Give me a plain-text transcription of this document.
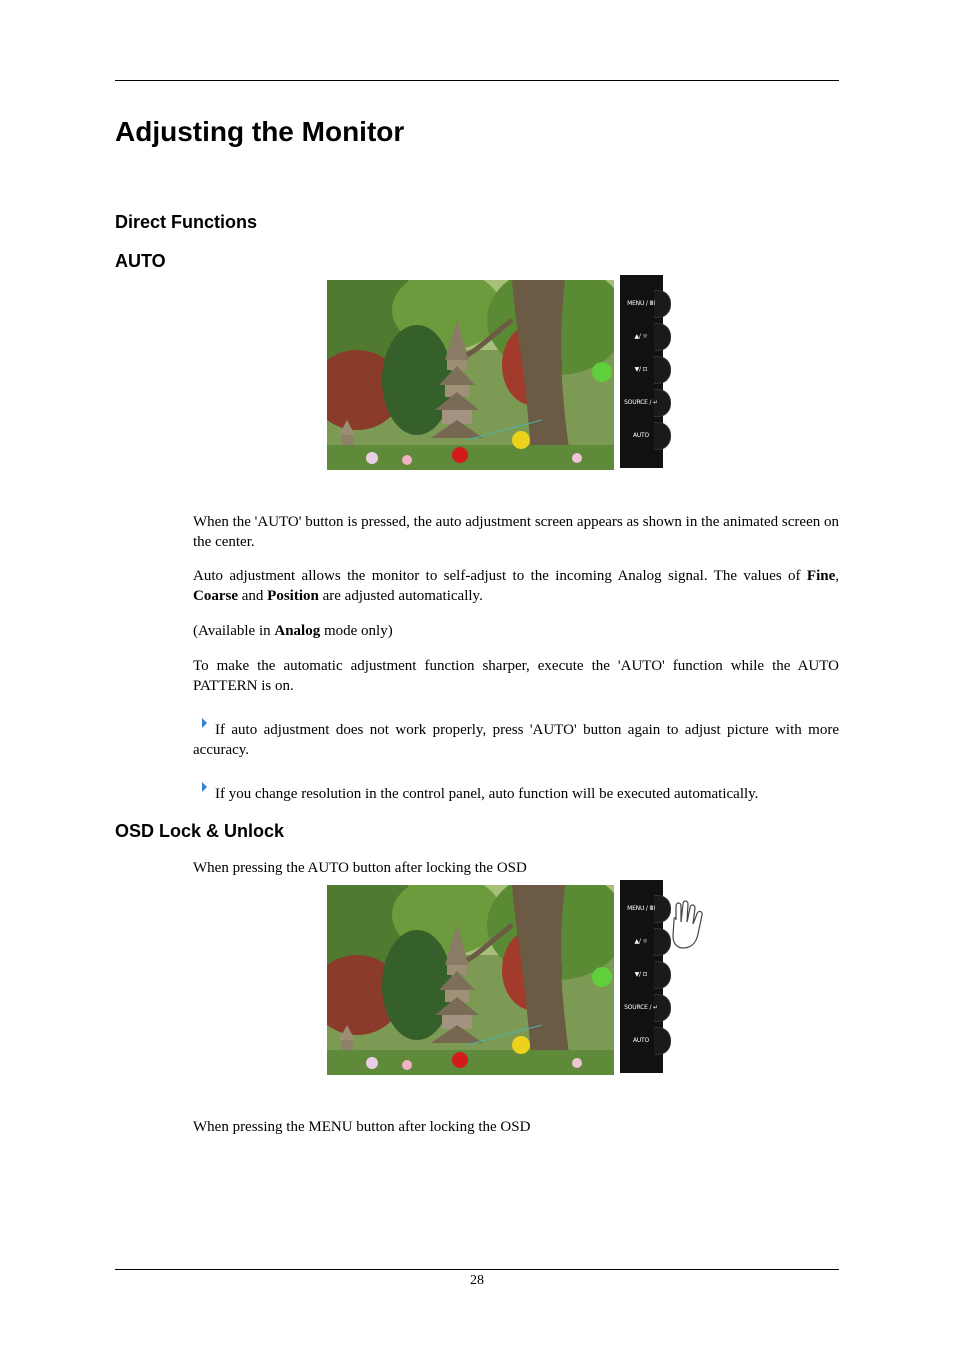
Adjusting the Monitor
Direct Functions
AUTO
MENU / ⅢⅠ
▲/ ☼
▼/ ⊡
SOURCE / ↵
AUTO

When the 'AUTO' button is pressed, the auto adjustment screen appears as shown in the animated screen on the center.

Auto adjustment allows the monitor to self-adjust to the incoming Analog signal. The values of Fine, Coarse and Position are adjusted automatically.

(Available in Analog mode only)

To make the automatic adjustment function sharper, execute the 'AUTO' function while the AUTO PATTERN is on.

If auto adjustment does not work properly, press 'AUTO' button again to adjust picture with more accuracy.

If you change resolution in the control panel, auto function will be executed automatically.

OSD Lock & Unlock

When pressing the AUTO button after locking the OSD

MENU / ⅢⅠ
▲/ ☼
▼/ ⊡
SOURCE / ↵
AUTO

When pressing the MENU button after locking the OSD

28
